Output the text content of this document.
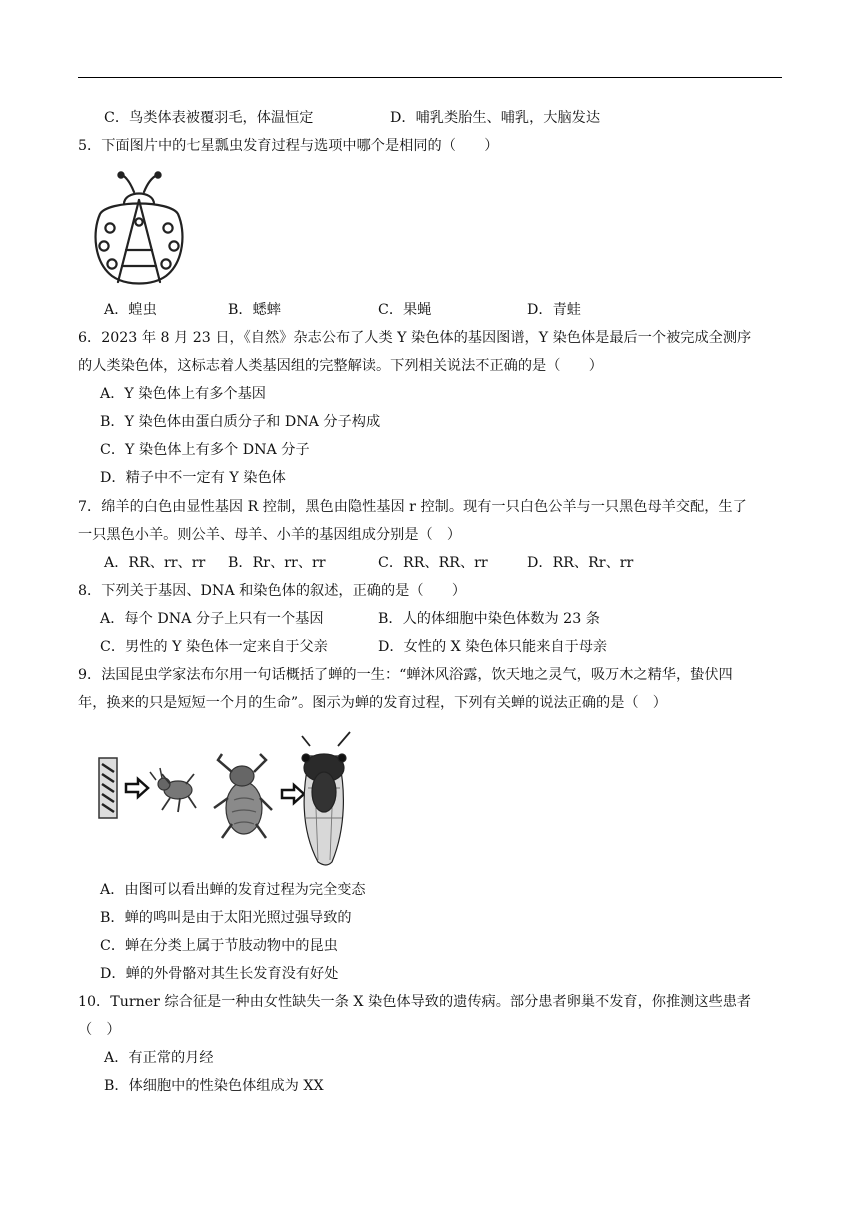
C．鸟类体表被覆羽毛，体温恒定	D．哺乳类胎生、哺乳，大脑发达
5．下面图片中的七星瓢虫发育过程与选项中哪个是相同的（　　）
A．蝗虫	B．蟋蟀	C．果蝇	D．青蛙
6．2023 年 8 月 23 日，《自然》杂志公布了人类 Y 染色体的基因图谱，Y 染色体是最后一个被完成全测序
的人类染色体，这标志着人类基因组的完整解读。下列相关说法不正确的是（　　）
A．Y 染色体上有多个基因
B．Y 染色体由蛋白质分子和 DNA 分子构成
C．Y 染色体上有多个 DNA 分子
D．精子中不一定有 Y 染色体
7．绵羊的白色由显性基因 R 控制，黑色由隐性基因 r 控制。现有一只白色公羊与一只黑色母羊交配，生了
一只黑色小羊。则公羊、母羊、小羊的基因组成分别是（　）
A．RR、rr、rr B．Rr、rr、rr	C．RR、RR、rr	D．RR、Rr、rr
8．下列关于基因、DNA 和染色体的叙述，正确的是（　　）
A．每个 DNA 分子上只有一个基因	B．人的体细胞中染色体数为 23 条
C．男性的 Y 染色体一定来自于父亲	D．女性的 X 染色体只能来自于母亲
9．法国昆虫学家法布尔用一句话概括了蝉的一生：“蝉沐风浴露，饮天地之灵气，吸万木之精华，蛰伏四
年，换来的只是短短一个月的生命”。图示为蝉的发育过程，下列有关蝉的说法正确的是（　）
A．由图可以看出蝉的发育过程为完全变态
B．蝉的鸣叫是由于太阳光照过强导致的
C．蝉在分类上属于节肢动物中的昆虫
D．蝉的外骨骼对其生长发育没有好处
10．Turner 综合征是一种由女性缺失一条 X 染色体导致的遗传病。部分患者卵巢不发育，你推测这些患者
（　）
A．有正常的月经
B．体细胞中的性染色体组成为 XX
